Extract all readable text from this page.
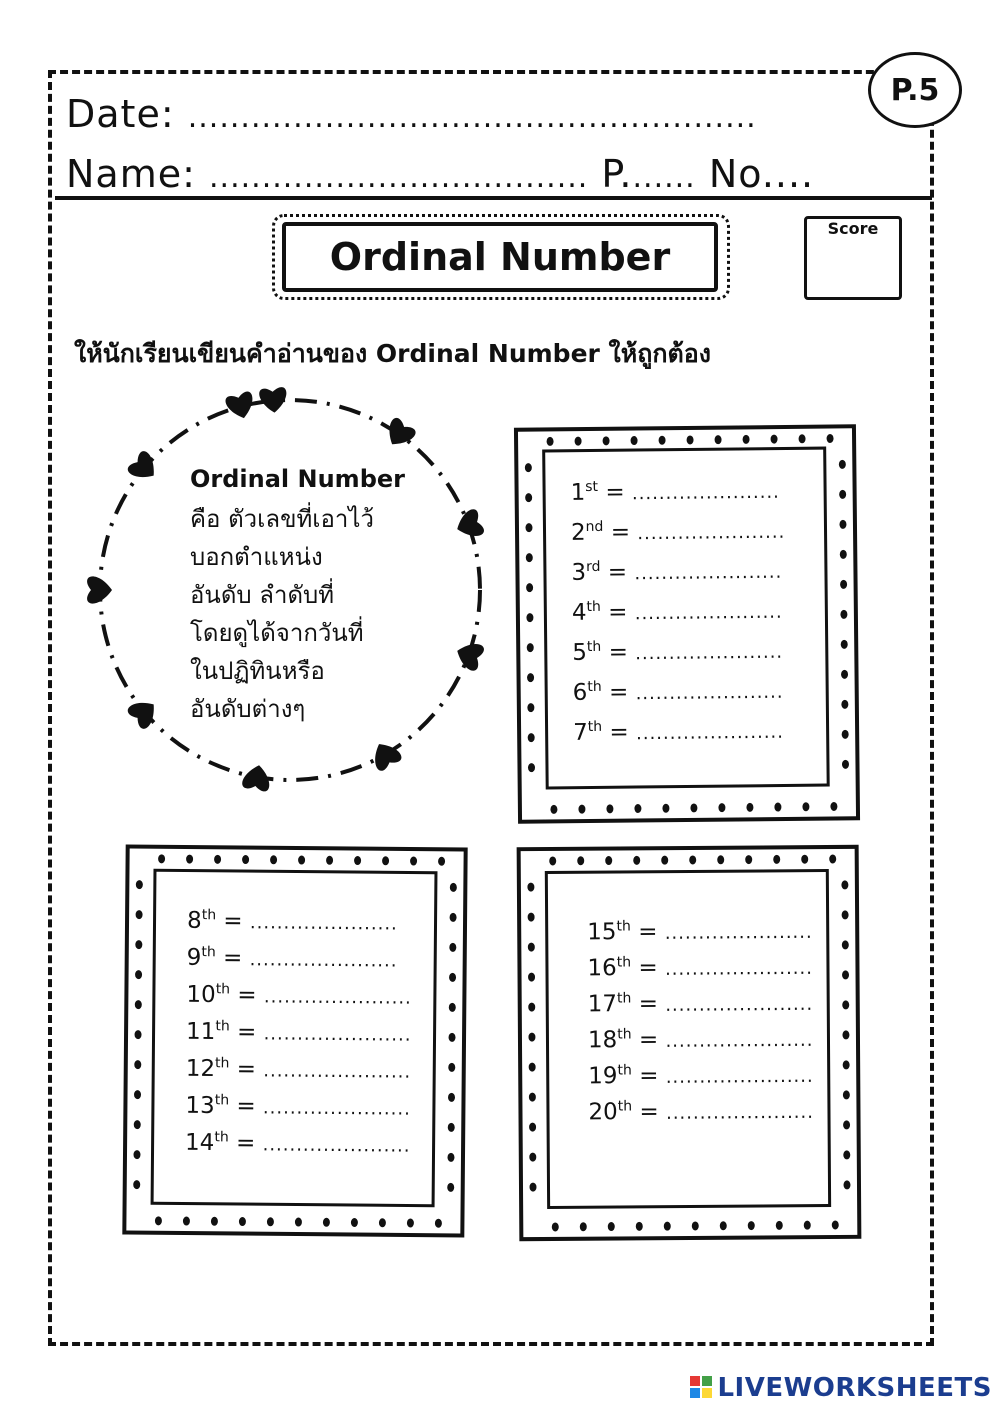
Date: ......................................................
Name: .................................... P....... No....
P.5
Ordinal Number
Score
ให้นักเรียนเขียนคำอ่านของ Ordinal Number ให้ถูกต้อง
Ordinal Number
คือ ตัวเลขที่เอาไว้
บอกตำแหน่ง
อันดับ ลำดับที่
โดยดูได้จากวันที่
ในปฏิทินหรือ
อันดับต่างๆ
1st = ......................
2nd = ......................
3rd = ......................
4th = ......................
5th = ......................
6th = ......................
7th = ......................
8th = ......................
9th = ......................
10th = ......................
11th = ......................
12th = ......................
13th = ......................
14th = ......................
15th = ......................
16th = ......................
17th = ......................
18th = ......................
19th = ......................
20th = ......................
LIVEWORKSHEETS
